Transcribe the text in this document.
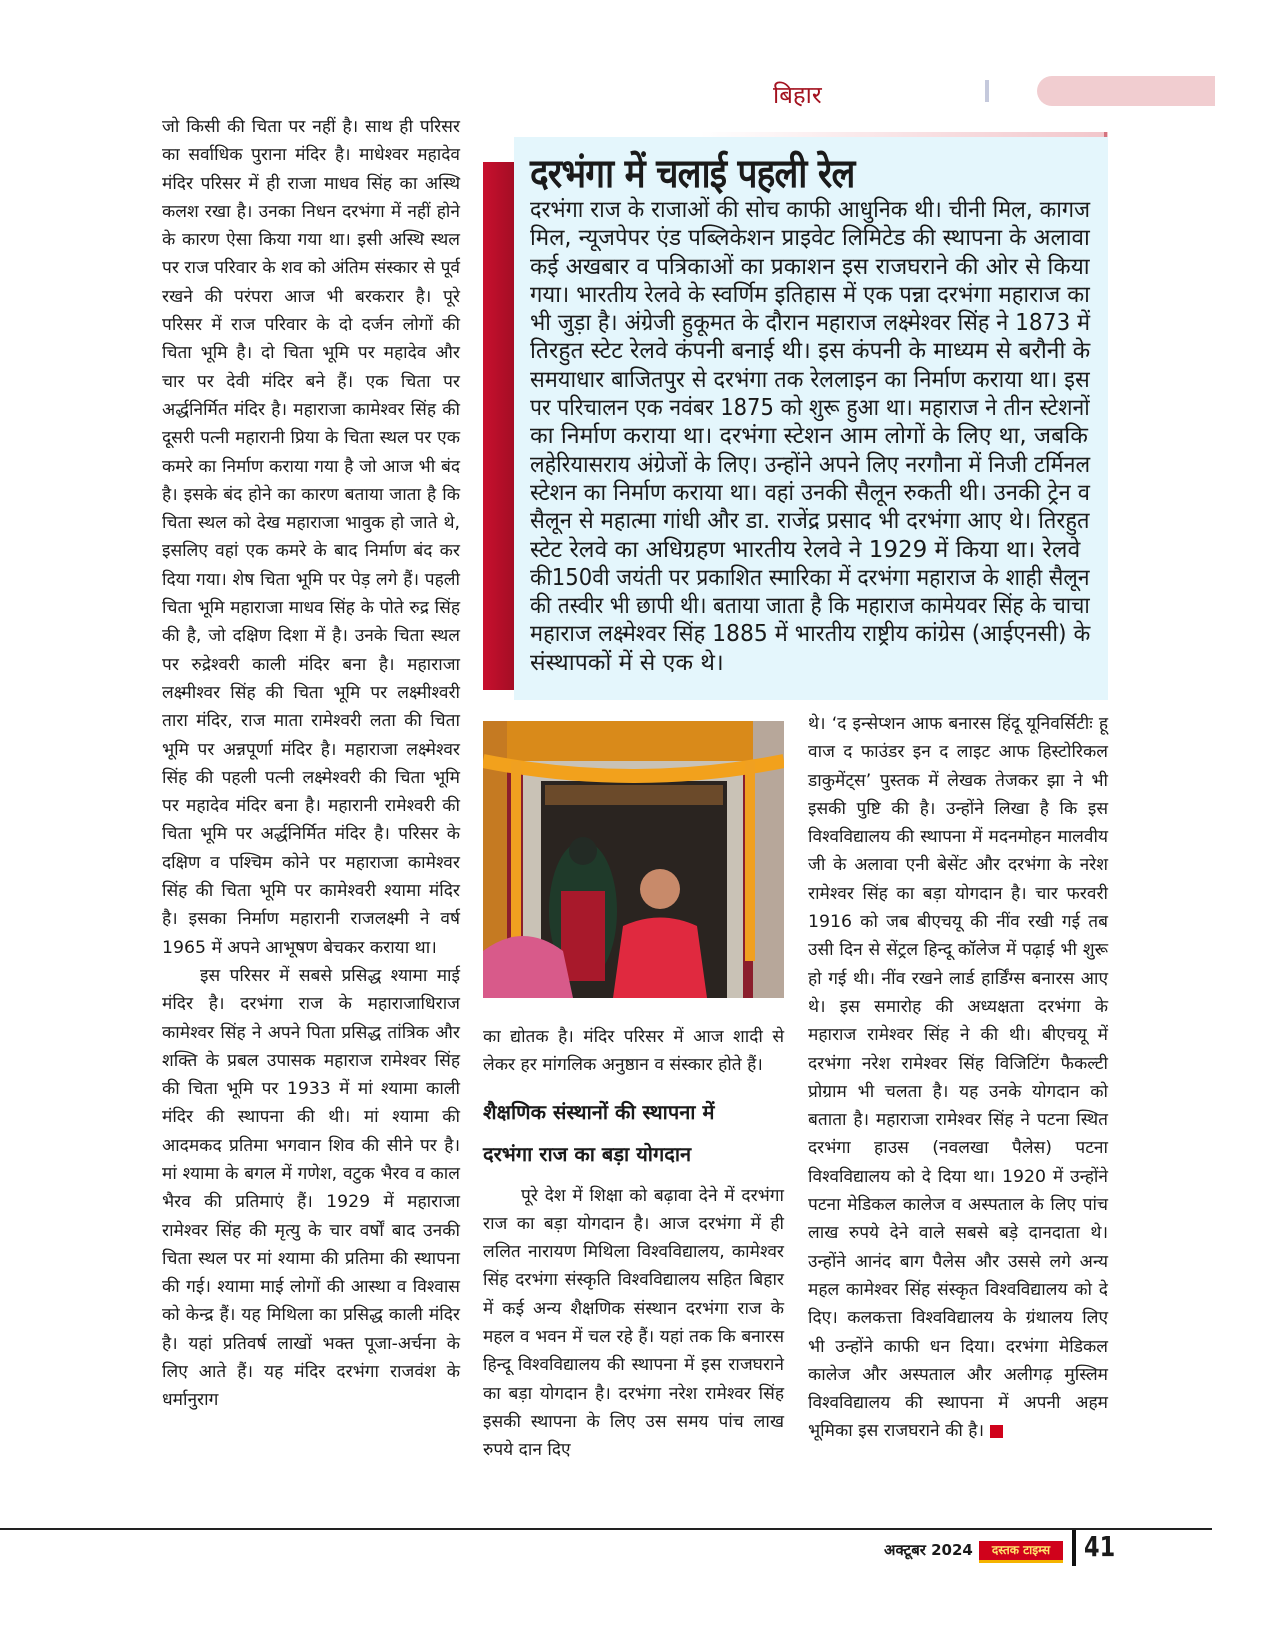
बिहार

जो किसी की चिता पर नहीं है। साथ ही परिसर का सर्वाधिक पुराना मंदिर है। माधेश्वर महादेव मंदिर परिसर में ही राजा माधव सिंह का अस्थि कलश रखा है। उनका निधन दरभंगा में नहीं होने के कारण ऐसा किया गया था। इसी अस्थि स्थल पर राज परिवार के शव को अंतिम संस्कार से पूर्व रखने की परंपरा आज भी बरकरार है। पूरे परिसर में राज परिवार के दो दर्जन लोगों की चिता भूमि है। दो चिता भूमि पर महादेव और चार पर देवी मंदिर बने हैं। एक चिता पर अर्द्धनिर्मित मंदिर है। महाराजा कामेश्वर सिंह की दूसरी पत्नी महारानी प्रिया के चिता स्थल पर एक कमरे का निर्माण कराया गया है जो आज भी बंद है। इसके बंद होने का कारण बताया जाता है कि चिता स्थल को देख महाराजा भावुक हो जाते थे, इसलिए वहां एक कमरे के बाद निर्माण बंद कर दिया गया। शेष चिता भूमि पर पेड़ लगे हैं। पहली चिता भूमि महाराजा माधव सिंह के पोते रुद्र सिंह की है, जो दक्षिण दिशा में है। उनके चिता स्थल पर रुद्रेश्वरी काली मंदिर बना है। महाराजा लक्ष्मीश्वर सिंह की चिता भूमि पर लक्ष्मीश्वरी तारा मंदिर, राज माता रामेश्वरी लता की चिता भूमि पर अन्नपूर्णा मंदिर है। महाराजा लक्ष्मेश्वर सिंह की पहली पत्नी लक्ष्मेश्वरी की चिता भूमि पर महादेव मंदिर बना है। महारानी रामेश्वरी की चिता भूमि पर अर्द्धनिर्मित मंदिर है। परिसर के दक्षिण व पश्चिम कोने पर महाराजा कामेश्वर सिंह की चिता भूमि पर कामेश्वरी श्यामा मंदिर है। इसका निर्माण महारानी राजलक्ष्मी ने वर्ष 1965 में अपने आभूषण बेचकर कराया था।

इस परिसर में सबसे प्रसिद्ध श्यामा माई मंदिर है। दरभंगा राज के महाराजाधिराज कामेश्वर सिंह ने अपने पिता प्रसिद्ध तांत्रिक और शक्ति के प्रबल उपासक महाराज रामेश्वर सिंह की चिता भूमि पर 1933 में मां श्यामा काली मंदिर की स्थापना की थी। मां श्यामा की आदमकद प्रतिमा भगवान शिव की सीने पर है। मां श्यामा के बगल में गणेश, वटुक भैरव व काल भैरव की प्रतिमाएं हैं। 1929 में महाराजा रामेश्वर सिंह की मृत्यु के चार वर्षों बाद उनकी चिता स्थल पर मां श्यामा की प्रतिमा की स्थापना की गई। श्यामा माई लोगों की आस्था व विश्वास को केन्द्र हैं। यह मिथिला का प्रसिद्ध काली मंदिर है। यहां प्रतिवर्ष लाखों भक्त पूजा-अर्चना के लिए आते हैं। यह मंदिर दरभंगा राजवंश के धर्मानुराग

दरभंगा में चलाई पहली रेल

दरभंगा राज के राजाओं की सोच काफी आधुनिक थी। चीनी मिल, कागज

मिल, न्यूजपेपर एंड पब्लिकेशन प्राइवेट लिमिटेड की स्थापना के अलावा

कई अखबार व पत्रिकाओं का प्रकाशन इस राजघराने की ओर से किया

गया। भारतीय रेलवे के स्वर्णिम इतिहास में एक पन्ना दरभंगा महाराज का

भी जुड़ा है। अंग्रेजी हुकूमत के दौरान महाराज लक्ष्मेश्वर सिंह ने 1873 में

तिरहुत स्टेट रेलवे कंपनी बनाई थी। इस कंपनी के माध्यम से बरौनी के

समयाधार बाजितपुर से दरभंगा तक रेललाइन का निर्माण कराया था। इस

पर परिचालन एक नवंबर 1875 को शुरू हुआ था। महाराज ने तीन स्टेशनों

का निर्माण कराया था। दरभंगा स्टेशन आम लोगों के लिए था, जबकि

लहेरियासराय अंग्रेजों के लिए। उन्होंने अपने लिए नरगौना में निजी टर्मिनल

स्टेशन का निर्माण कराया था। वहां उनकी सैलून रुकती थी। उनकी ट्रेन व

सैलून से महात्मा गांधी और डा. राजेंद्र प्रसाद भी दरभंगा आए थे। तिरहुत

स्टेट रेलवे का अधिग्रहण भारतीय रेलवे ने 1929 में किया था। रेलवे

की150वी जयंती पर प्रकाशित स्मारिका में दरभंगा महाराज के शाही सैलून

की तस्वीर भी छापी थी। बताया जाता है कि महाराज कामेयवर सिंह के चाचा

महाराज लक्ष्मेश्वर सिंह 1885 में भारतीय राष्ट्रीय कांग्रेस (आईएनसी) के

संस्थापकों में से एक थे।

का द्योतक है। मंदिर परिसर में आज शादी से लेकर हर मांगलिक अनुष्ठान व संस्कार होते हैं।

शैक्षणिक संस्थानों की स्थापना में
दरभंगा राज का बड़ा योगदान

पूरे देश में शिक्षा को बढ़ावा देने में दरभंगा राज का बड़ा योगदान है। आज दरभंगा में ही ललित नारायण मिथिला विश्वविद्यालय, कामेश्वर सिंह दरभंगा संस्कृति विश्वविद्यालय सहित बिहार में कई अन्य शैक्षणिक संस्थान दरभंगा राज के महल व भवन में चल रहे हैं। यहां तक कि बनारस हिन्दू विश्वविद्यालय की स्थापना में इस राजघराने का बड़ा योगदान है। दरभंगा नरेश रामेश्वर सिंह इसकी स्थापना के लिए उस समय पांच लाख रुपये दान दिए

थे। ‘द इन्सेप्शन आफ बनारस हिंदू यूनिवर्सिटीः हू वाज द फाउंडर इन द लाइट आफ हिस्टोरिकल डाकुमेंट्स’ पुस्तक में लेखक तेजकर झा ने भी इसकी पुष्टि की है। उन्होंने लिखा है कि इस विश्वविद्यालय की स्थापना में मदनमोहन मालवीय जी के अलावा एनी बेसेंट और दरभंगा के नरेश रामेश्वर सिंह का बड़ा योगदान है। चार फरवरी 1916 को जब बीएचयू की नींव रखी गई तब उसी दिन से सेंट्रल हिन्दू कॉलेज में पढ़ाई भी शुरू हो गई थी। नींव रखने लार्ड हार्डिंग्स बनारस आए थे। इस समारोह की अध्यक्षता दरभंगा के महाराज रामेश्वर सिंह ने की थी। बीएचयू में दरभंगा नरेश रामेश्वर सिंह विजिटिंग फैकल्टी प्रोग्राम भी चलता है। यह उनके योगदान को बताता है। महाराजा रामेश्वर सिंह ने पटना स्थित दरभंगा हाउस (नवलखा पैलेस) पटना विश्वविद्यालय को दे दिया था। 1920 में उन्होंने पटना मेडिकल कालेज व अस्पताल के लिए पांच लाख रुपये देने वाले सबसे बड़े दानदाता थे। उन्होंने आनंद बाग पैलेस और उससे लगे अन्य महल कामेश्वर सिंह संस्कृत विश्वविद्यालय को दे दिए। कलकत्ता विश्वविद्यालय के ग्रंथालय लिए भी उन्होंने काफी धन दिया। दरभंगा मेडिकल कालेज और अस्पताल और अलीगढ़ मुस्लिम विश्वविद्यालय की स्थापना में अपनी अहम भूमिका इस राजघराने की है।

अक्टूबर 2024	दस्तक टाइम्स	41
